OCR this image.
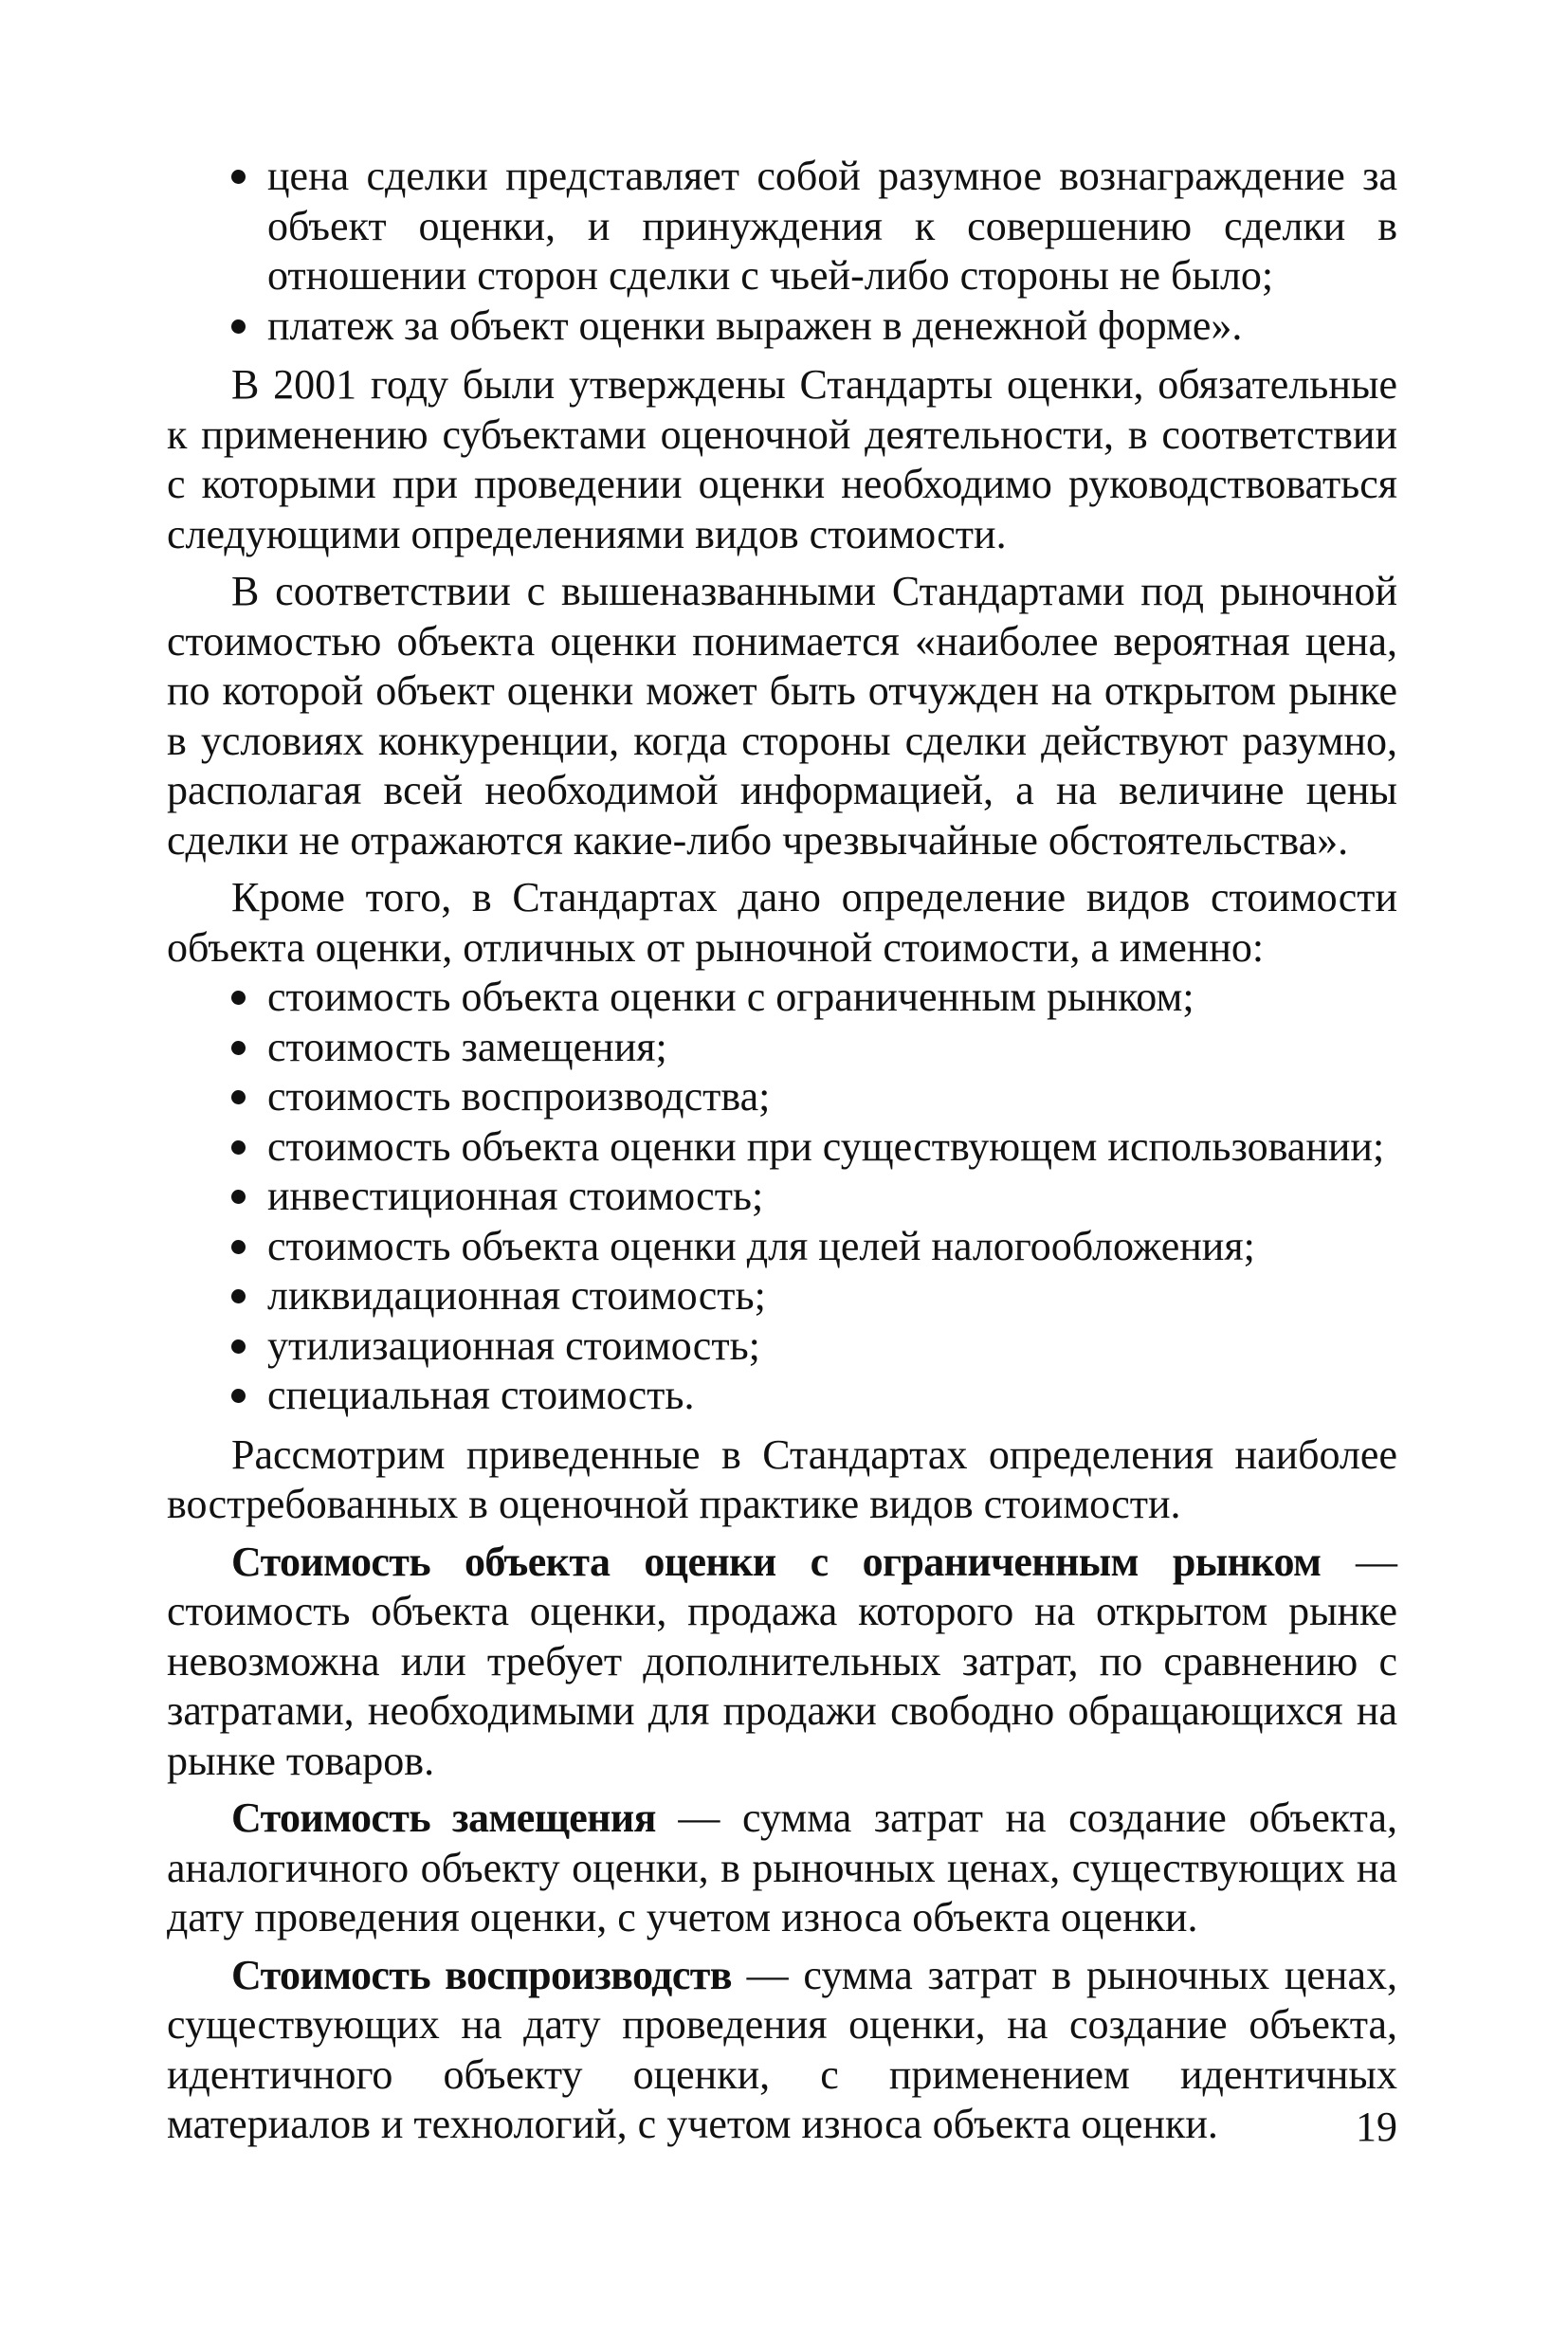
цена сделки представляет собой разумное вознаграждение за объект оценки, и принуждения к совершению сделки в отношении сторон сделки с чьей-либо стороны не было;
платеж за объект оценки выражен в денежной форме».

В 2001 году были утверждены Стандарты оценки, обязательные к применению субъектами оценочной деятельности, в соответствии с которыми при проведении оценки необходимо руководствоваться следующими определениями видов стоимости.

В соответствии с вышеназванными Стандартами под рыночной стоимостью объекта оценки понимается «наиболее вероятная цена, по которой объект оценки может быть отчужден на открытом рынке в условиях конкуренции, когда стороны сделки действуют разумно, располагая всей необходимой информацией, а на величине цены сделки не отражаются какие-либо чрезвычайные обстоятельства».

Кроме того, в Стандартах дано определение видов стоимости объекта оценки, отличных от рыночной стоимости, а именно:

стоимость объекта оценки с ограниченным рынком;
стоимость замещения;
стоимость воспроизводства;
стоимость объекта оценки при существующем использовании;
инвестиционная стоимость;
стоимость объекта оценки для целей налогообложения;
ликвидационная стоимость;
утилизационная стоимость;
специальная стоимость.

Рассмотрим приведенные в Стандартах определения наиболее востребованных в оценочной практике видов стоимости.

Стоимость объекта оценки с ограниченным рынком — стоимость объекта оценки, продажа которого на открытом рынке невозможна или требует дополнительных затрат, по сравнению с затратами, необходимыми для продажи свободно обращающихся на рынке товаров.

Стоимость замещения — сумма затрат на создание объекта, аналогичного объекту оценки, в рыночных ценах, существующих на дату проведения оценки, с учетом износа объекта оценки.

Стоимость воспроизводств — сумма затрат в рыночных ценах, существующих на дату проведения оценки, на создание объекта, идентичного объекту оценки, с применением идентичных материалов и технологий, с учетом износа объекта оценки.	19
